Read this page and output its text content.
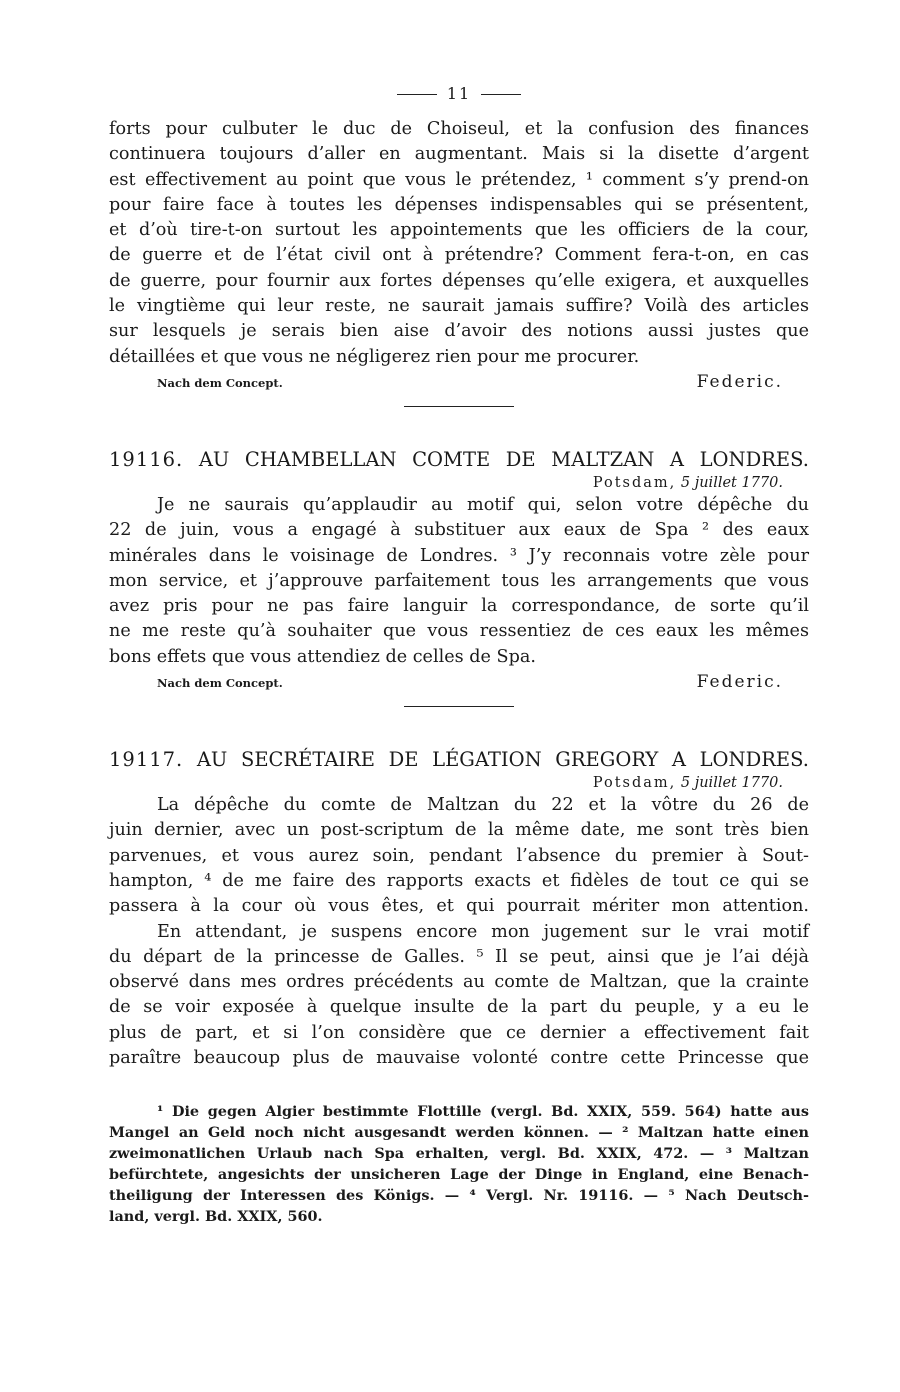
11
forts pour culbuter le duc de Choiseul, et la confusion des finances
continuera toujours d’aller en augmentant. Mais si la disette d’argent
est effectivement au point que vous le prétendez, ¹ comment s’y prend-on
pour faire face à toutes les dépenses indispensables qui se présentent,
et d’où tire-t-on surtout les appointements que les officiers de la cour,
de guerre et de l’état civil ont à prétendre? Comment fera-t-on, en cas
de guerre, pour fournir aux fortes dépenses qu’elle exigera, et auxquelles
le vingtième qui leur reste, ne saurait jamais suffire? Voilà des articles
sur lesquels je serais bien aise d’avoir des notions aussi justes que
détaillées et que vous ne négligerez rien pour me procurer.
Nach dem Concept.	Federic.
19116. AU CHAMBELLAN COMTE DE MALTZAN A LONDRES.
Potsdam, 5 juillet 1770.
Je ne saurais qu’applaudir au motif qui, selon votre dépêche du
22 de juin, vous a engagé à substituer aux eaux de Spa ² des eaux
minérales dans le voisinage de Londres. ³ J’y reconnais votre zèle pour
mon service, et j’approuve parfaitement tous les arrangements que vous
avez pris pour ne pas faire languir la correspondance, de sorte qu’il
ne me reste qu’à souhaiter que vous ressentiez de ces eaux les mêmes
bons effets que vous attendiez de celles de Spa.
Nach dem Concept.	Federic.
19117. AU SECRÉTAIRE DE LÉGATION GREGORY A LONDRES.
Potsdam, 5 juillet 1770.
La dépêche du comte de Maltzan du 22 et la vôtre du 26 de
juin dernier, avec un post-scriptum de la même date, me sont très bien
parvenues, et vous aurez soin, pendant l’absence du premier à Sout-
hampton, ⁴ de me faire des rapports exacts et fidèles de tout ce qui se
passera à la cour où vous êtes, et qui pourrait mériter mon attention.
En attendant, je suspens encore mon jugement sur le vrai motif
du départ de la princesse de Galles. ⁵ Il se peut, ainsi que je l’ai déjà
observé dans mes ordres précédents au comte de Maltzan, que la crainte
de se voir exposée à quelque insulte de la part du peuple, y a eu le
plus de part, et si l’on considère que ce dernier a effectivement fait
paraître beaucoup plus de mauvaise volonté contre cette Princesse que
¹ Die gegen Algier bestimmte Flottille (vergl. Bd. XXIX, 559. 564) hatte aus
Mangel an Geld noch nicht ausgesandt werden können. — ² Maltzan hatte einen
zweimonatlichen Urlaub nach Spa erhalten, vergl. Bd. XXIX, 472. — ³ Maltzan
befürchtete, angesichts der unsicheren Lage der Dinge in England, eine Benach-
theiligung der Interessen des Königs. — ⁴ Vergl. Nr. 19116. — ⁵ Nach Deutsch-
land, vergl. Bd. XXIX, 560.
